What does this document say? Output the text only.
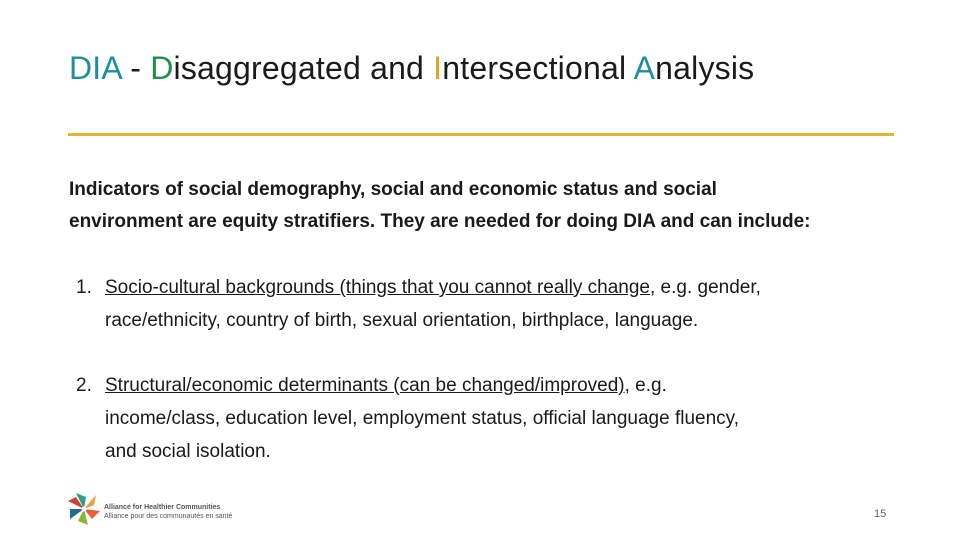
DIA - Disaggregated and Intersectional Analysis
Indicators of social demography, social and economic status and social
environment are equity stratifiers. They are needed for doing DIA and can include:
1. Socio-cultural backgrounds (things that you cannot really change, e.g. gender,
race/ethnicity, country of birth, sexual orientation, birthplace, language.
2. Structural/economic determinants (can be changed/improved), e.g.
income/class, education level, employment status, official language fluency,
and social isolation.
Alliance for Healthier Communities
Alliance pour des communautés en santé	15
